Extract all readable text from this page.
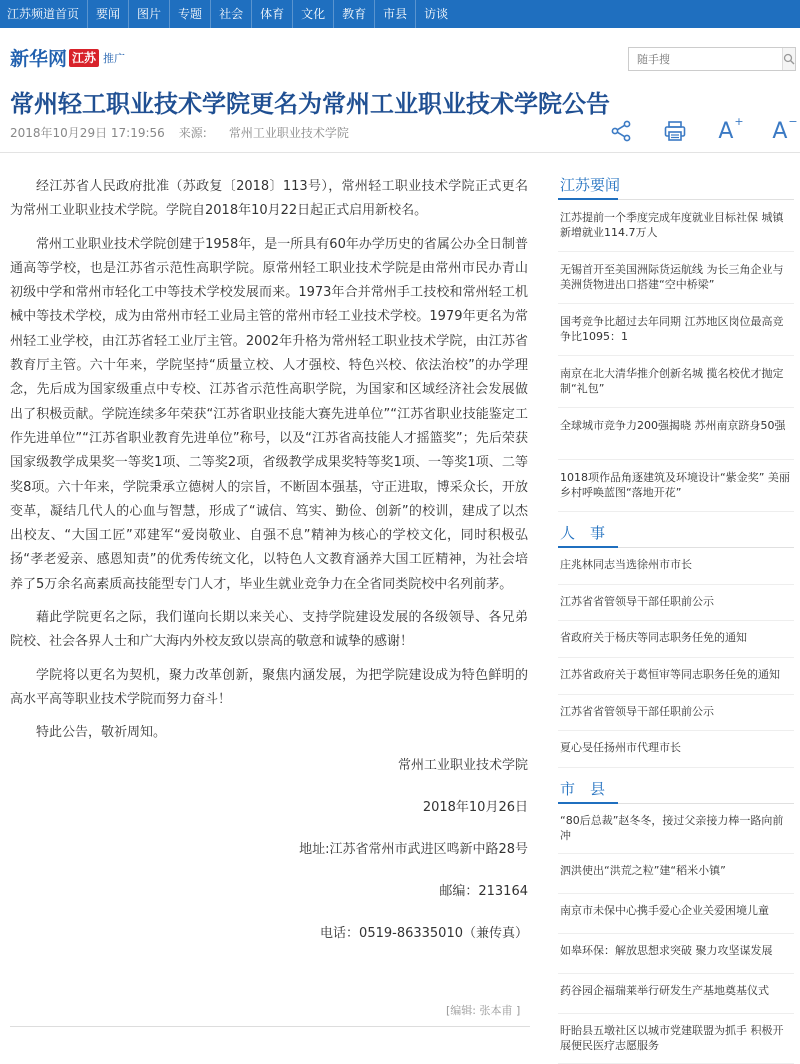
江苏频道首页	要闻	图片	专题	社会	体育	文化	教育	市县	访谈
新华网 江苏 推广
随手搜
常州轻工职业技术学院更名为常州工业职业技术学院公告
2018年10月29日 17:19:56 来源: 常州工业职业技术学院	A+ A−

经江苏省人民政府批准（苏政复〔2018〕113号），常州轻工职业技术学院正式更名为常州工业职业技术学院。学院自2018年10月22日起正式启用新校名。

常州工业职业技术学院创建于1958年，是一所具有60年办学历史的省属公办全日制普通高等学校，也是江苏省示范性高职学院。原常州轻工职业技术学院是由常州市民办青山初级中学和常州市轻化工中等技术学校发展而来。1973年合并常州手工技校和常州轻工机械中等技术学校，成为由常州市轻工业局主管的常州市轻工业技术学校。1979年更名为常州轻工业学校，由江苏省轻工业厅主管。2002年升格为常州轻工职业技术学院，由江苏省教育厅主管。六十年来，学院坚持“质量立校、人才强校、特色兴校、依法治校”的办学理念，先后成为国家级重点中专校、江苏省示范性高职学院，为国家和区域经济社会发展做出了积极贡献。学院连续多年荣获“江苏省职业技能大赛先进单位”“江苏省职业技能鉴定工作先进单位”“江苏省职业教育先进单位”称号，以及“江苏省高技能人才摇篮奖”；先后荣获国家级教学成果奖一等奖1项、二等奖2项，省级教学成果奖特等奖1项、一等奖1项、二等奖8项。六十年来，学院秉承立德树人的宗旨，不断固本强基，守正进取，博采众长，开放变革，凝结几代人的心血与智慧，形成了“诚信、笃实、勤俭、创新”的校训，建成了以杰出校友、“大国工匠”邓建军“爱岗敬业、自强不息”精神为核心的学校文化，同时积极弘扬“孝老爱亲、感恩知责”的优秀传统文化，以特色人文教育涵养大国工匠精神，为社会培养了5万余名高素质高技能型专门人才，毕业生就业竞争力在全省同类院校中名列前茅。

藉此学院更名之际，我们谨向长期以来关心、支持学院建设发展的各级领导、各兄弟院校、社会各界人士和广大海内外校友致以崇高的敬意和诚挚的感谢！

学院将以更名为契机，聚力改革创新，聚焦内涵发展，为把学院建设成为特色鲜明的高水平高等职业技术学院而努力奋斗！

特此公告，敬祈周知。

常州工业职业技术学院
2018年10月26日
地址:江苏省常州市武进区鸣新中路28号
邮编：213164
电话：0519-86335010（兼传真）
[编辑: 张本甫 ]
江苏要闻
江苏提前一个季度完成年度就业目标社保 城镇新增就业114.7万人
无锡首开至美国洲际货运航线 为长三角企业与美洲货物进出口搭建“空中桥梁”
国考竞争比超过去年同期 江苏地区岗位最高竞争比1095：1
南京在北大清华推介创新名城 揽名校优才抛定制“礼包”
全球城市竞争力200强揭晓 苏州南京跻身50强
1018项作品角逐建筑及环境设计“紫金奖” 美丽乡村呼唤蓝图“落地开花”
人　事
庄兆林同志当选徐州市市长
江苏省省管领导干部任职前公示
省政府关于杨庆等同志职务任免的通知
江苏省政府关于葛恒审等同志职务任免的通知
江苏省省管领导干部任职前公示
夏心旻任扬州市代理市长
市　县
“80后总裁”赵冬冬，接过父亲接力棒一路向前冲
泗洪使出“洪荒之粒”建“稻米小镇”
南京市未保中心携手爱心企业关爱困境儿童
如皋环保：解放思想求突破 聚力攻坚谋发展
药谷园企福瑞莱举行研发生产基地奠基仪式
盱眙县五墩社区以城市党建联盟为抓手 积极开展便民医疗志愿服务
